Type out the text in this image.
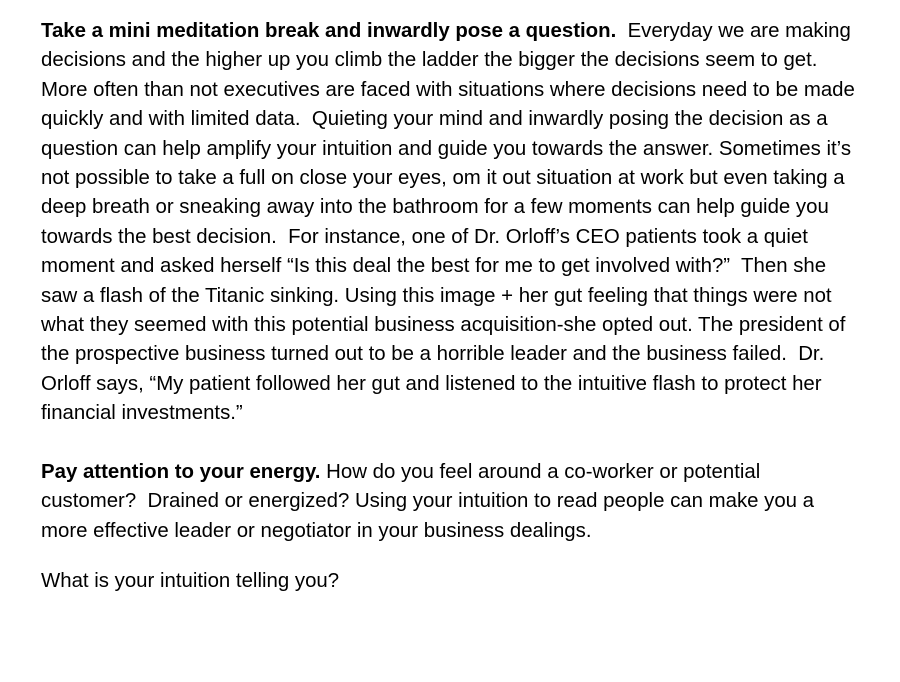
Take a mini meditation break and inwardly pose a question.  Everyday we are making decisions and the higher up you climb the ladder the bigger the decisions seem to get.  More often than not executives are faced with situations where decisions need to be made quickly and with limited data.  Quieting your mind and inwardly posing the decision as a question can help amplify your intuition and guide you towards the answer. Sometimes it’s not possible to take a full on close your eyes, om it out situation at work but even taking a deep breath or sneaking away into the bathroom for a few moments can help guide you towards the best decision.  For instance, one of Dr. Orloff’s CEO patients took a quiet moment and asked herself “Is this deal the best for me to get involved with?”  Then she saw a flash of the Titanic sinking. Using this image + her gut feeling that things were not what they seemed with this potential business acquisition-she opted out. The president of the prospective business turned out to be a horrible leader and the business failed.  Dr. Orloff says, “My patient followed her gut and listened to the intuitive flash to protect her financial investments.”

Pay attention to your energy. How do you feel around a co-worker or potential customer?  Drained or energized? Using your intuition to read people can make you a more effective leader or negotiator in your business dealings.

What is your intuition telling you?
